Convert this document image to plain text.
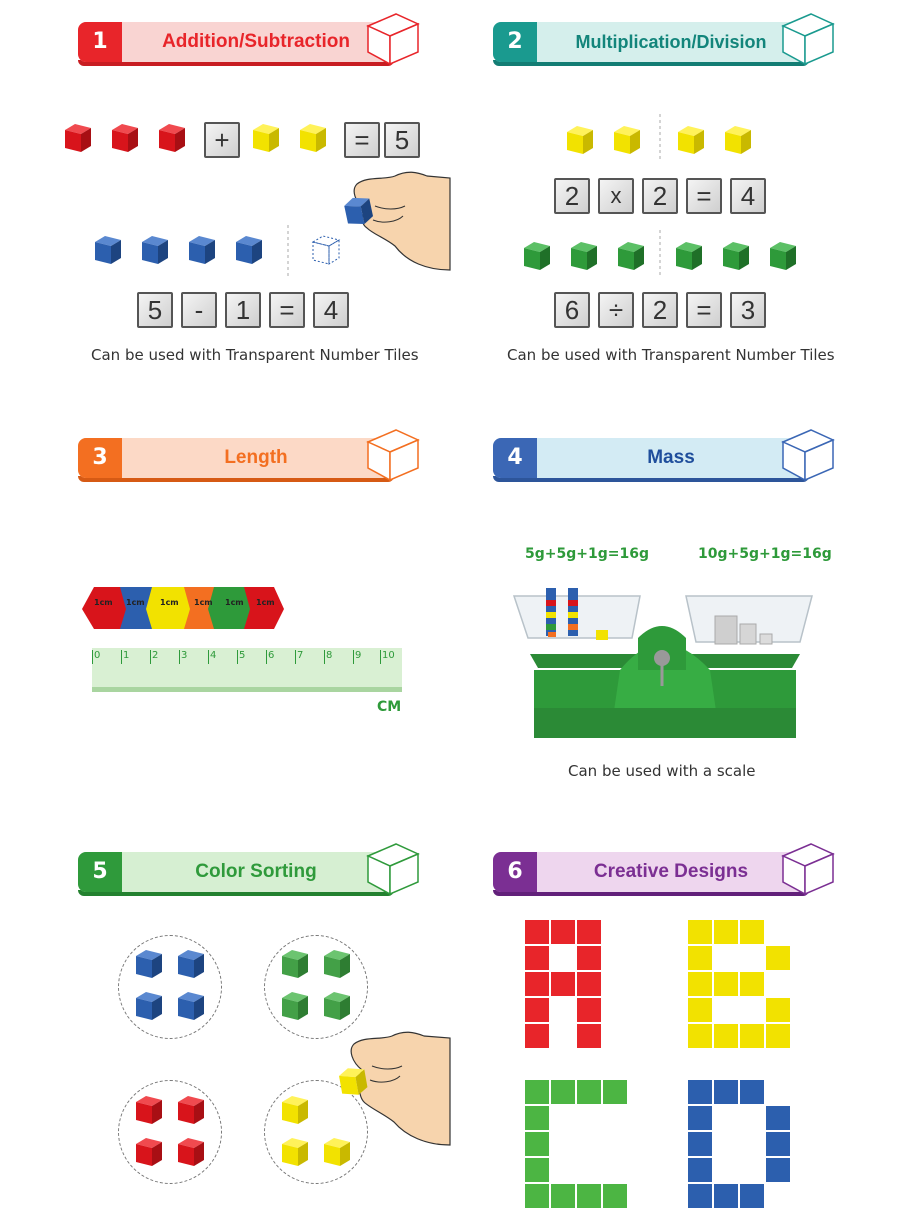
1	Addition/Subtraction	2	Multiplication/Division
+	= 5
5	-	1	=	4
Can be used with Transparent Number Tiles
2	x	2	=	4
6	÷	2	=	3
Can be used with Transparent Number Tiles
3	Length	4	Mass
1cm 1cm 1cm 1cm 1cm 1cm
0 1 2 3 4 5 6 7 8 9 10
CM
5g+5g+1g=16g	10g+5g+1g=16g
Can be used with a scale
5	Color Sorting	6	Creative Designs
